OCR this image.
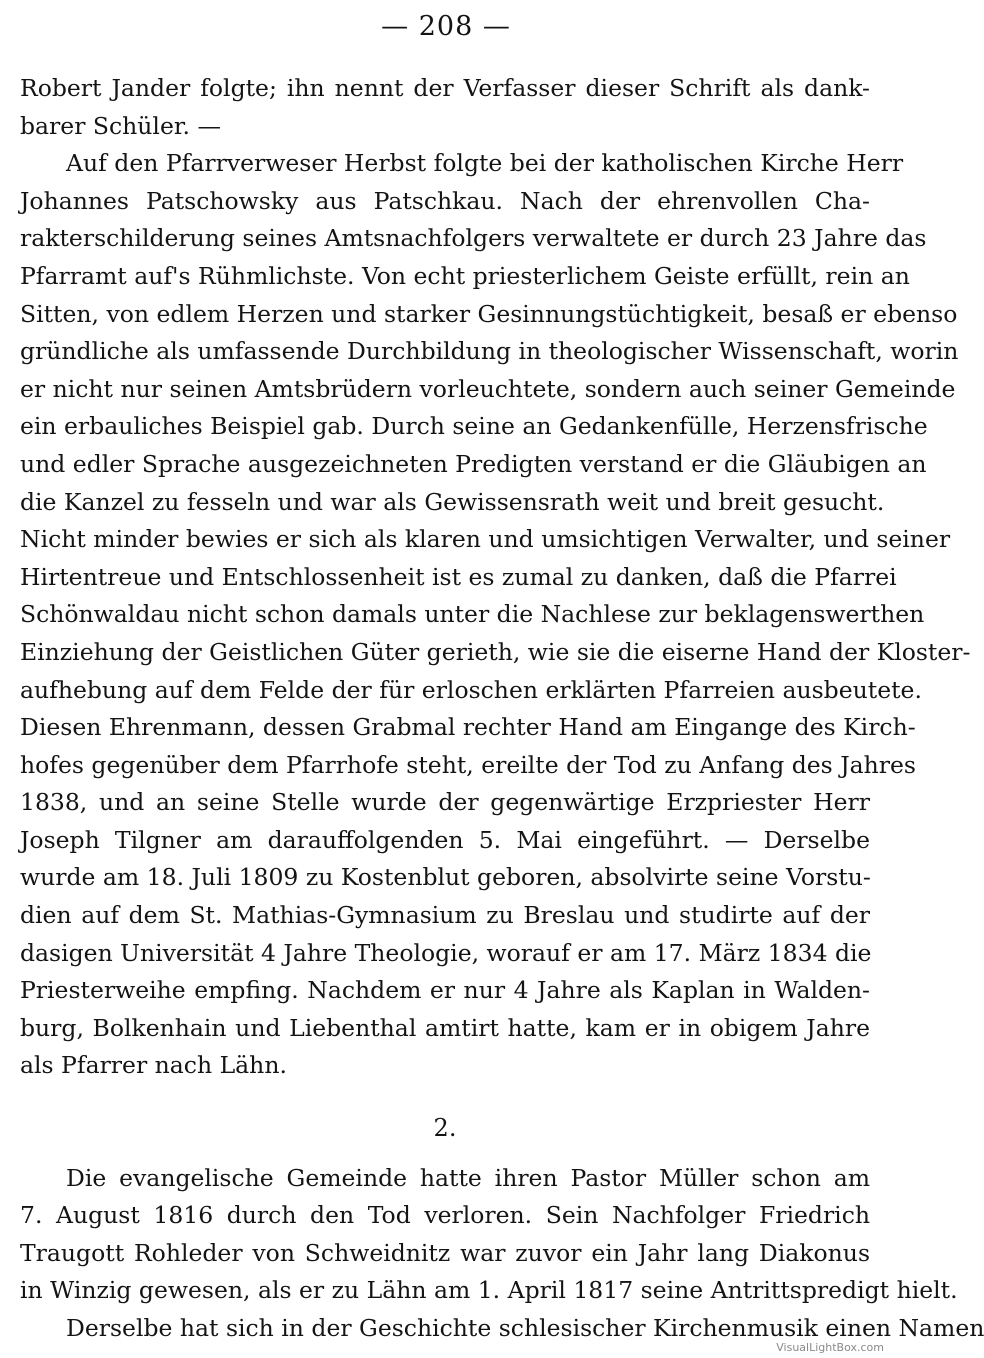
— 208 —
Robert Jander folgte; ihn nennt der Verfasser dieser Schrift als dank-
barer Schüler. —
Auf den Pfarrverweser Herbst folgte bei der katholischen Kirche Herr
Johannes Patschowsky aus Patschkau. Nach der ehrenvollen Cha-
rakterschilderung seines Amtsnachfolgers verwaltete er durch 23 Jahre das
Pfarramt auf's Rühmlichste. Von echt priesterlichem Geiste erfüllt, rein an
Sitten, von edlem Herzen und starker Gesinnungstüchtigkeit, besaß er ebenso
gründliche als umfassende Durchbildung in theologischer Wissenschaft, worin
er nicht nur seinen Amtsbrüdern vorleuchtete, sondern auch seiner Gemeinde
ein erbauliches Beispiel gab. Durch seine an Gedankenfülle, Herzensfrische
und edler Sprache ausgezeichneten Predigten verstand er die Gläubigen an
die Kanzel zu fesseln und war als Gewissensrath weit und breit gesucht.
Nicht minder bewies er sich als klaren und umsichtigen Verwalter, und seiner
Hirtentreue und Entschlossenheit ist es zumal zu danken, daß die Pfarrei
Schönwaldau nicht schon damals unter die Nachlese zur beklagenswerthen
Einziehung der Geistlichen Güter gerieth, wie sie die eiserne Hand der Kloster-
aufhebung auf dem Felde der für erloschen erklärten Pfarreien ausbeutete.
Diesen Ehrenmann, dessen Grabmal rechter Hand am Eingange des Kirch-
hofes gegenüber dem Pfarrhofe steht, ereilte der Tod zu Anfang des Jahres
1838, und an seine Stelle wurde der gegenwärtige Erzpriester Herr
Joseph Tilgner am darauffolgenden 5. Mai eingeführt. — Derselbe
wurde am 18. Juli 1809 zu Kostenblut geboren, absolvirte seine Vorstu-
dien auf dem St. Mathias-Gymnasium zu Breslau und studirte auf der
dasigen Universität 4 Jahre Theologie, worauf er am 17. März 1834 die
Priesterweihe empfing. Nachdem er nur 4 Jahre als Kaplan in Walden-
burg, Bolkenhain und Liebenthal amtirt hatte, kam er in obigem Jahre
als Pfarrer nach Lähn.
2.
Die evangelische Gemeinde hatte ihren Pastor Müller schon am
7. August 1816 durch den Tod verloren. Sein Nachfolger Friedrich
Traugott Rohleder von Schweidnitz war zuvor ein Jahr lang Diakonus
in Winzig gewesen, als er zu Lähn am 1. April 1817 seine Antrittspredigt hielt.
Derselbe hat sich in der Geschichte schlesischer Kirchenmusik einen Namen
VisualLightBox.com
